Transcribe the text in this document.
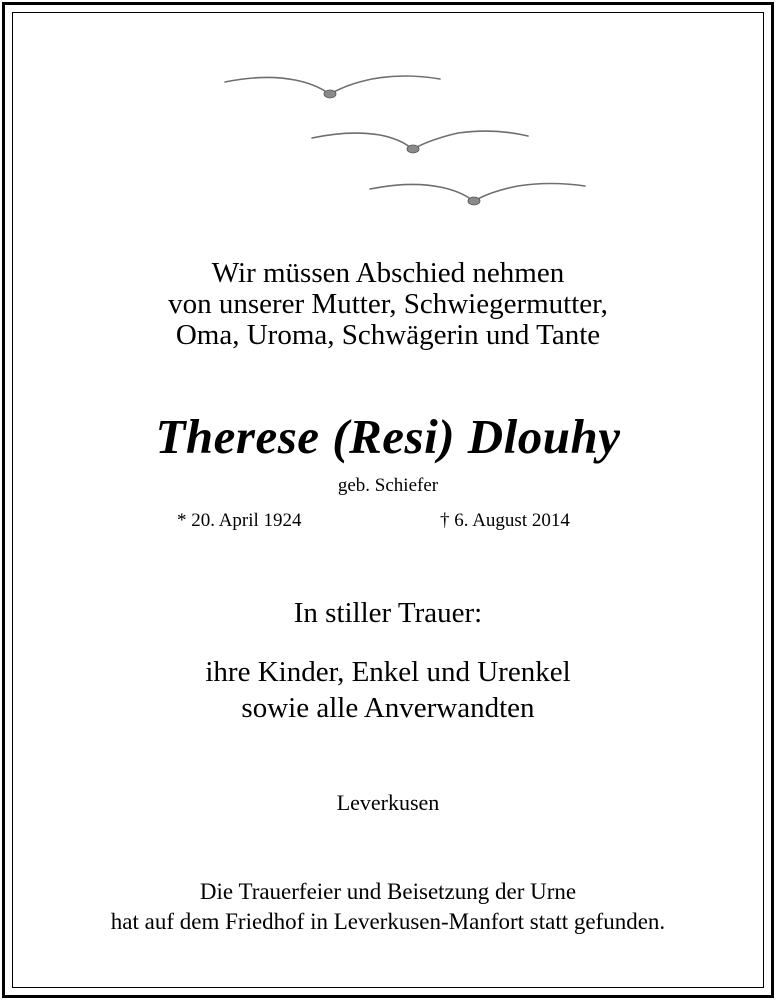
Wir müssen Abschied nehmen
von unserer Mutter, Schwiegermutter,
Oma, Uroma, Schwägerin und Tante
Therese (Resi) Dlouhy
geb. Schiefer
* 20. April 1924	† 6. August 2014
In stiller Trauer:
ihre Kinder, Enkel und Urenkel
sowie alle Anverwandten
Leverkusen
Die Trauerfeier und Beisetzung der Urne
hat auf dem Friedhof in Leverkusen-Manfort statt gefunden.
